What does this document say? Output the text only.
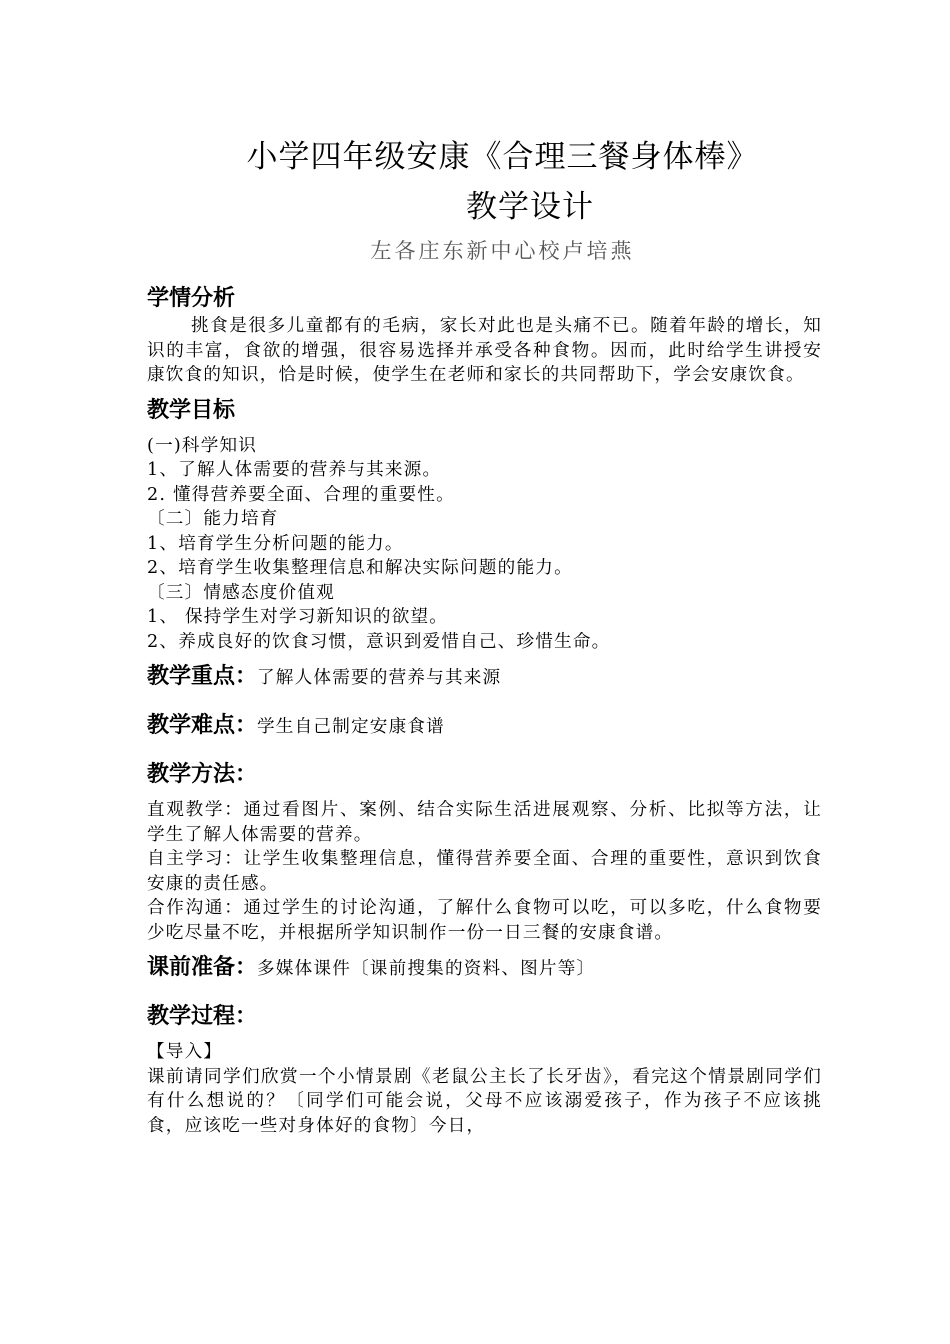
小学四年级安康《合理三餐身体棒》
教学设计
左各庄东新中心校卢培燕
学情分析
挑食是很多儿童都有的毛病，家长对此也是头痛不已。随着年龄的增长，知识的丰富，食欲的增强，很容易选择并承受各种食物。因而，此时给学生讲授安康饮食的知识，恰是时候，使学生在老师和家长的共同帮助下，学会安康饮食。
教学目标
(一)科学知识
1、了解人体需要的营养与其来源。
2. 懂得营养要全面、合理的重要性。
〔二〕能力培育
1、培育学生分析问题的能力。
2、培育学生收集整理信息和解决实际问题的能力。
〔三〕情感态度价值观
1、 保持学生对学习新知识的欲望。
2、养成良好的饮食习惯，意识到爱惜自己、珍惜生命。
教学重点：了解人体需要的营养与其来源
教学难点：学生自己制定安康食谱
教学方法：
直观教学：通过看图片、案例、结合实际生活进展观察、分析、比拟等方法，让学生了解人体需要的营养。
自主学习：让学生收集整理信息，懂得营养要全面、合理的重要性，意识到饮食安康的责任感。
合作沟通：通过学生的讨论沟通，了解什么食物可以吃，可以多吃，什么食物要少吃尽量不吃，并根据所学知识制作一份一日三餐的安康食谱。
课前准备：多媒体课件〔课前搜集的资料、图片等〕
教学过程：
【导入】
课前请同学们欣赏一个小情景剧《老鼠公主长了长牙齿》，看完这个情景剧同学们有什么想说的？〔同学们可能会说，父母不应该溺爱孩子，作为孩子不应该挑食，应该吃一些对身体好的食物〕今日，
